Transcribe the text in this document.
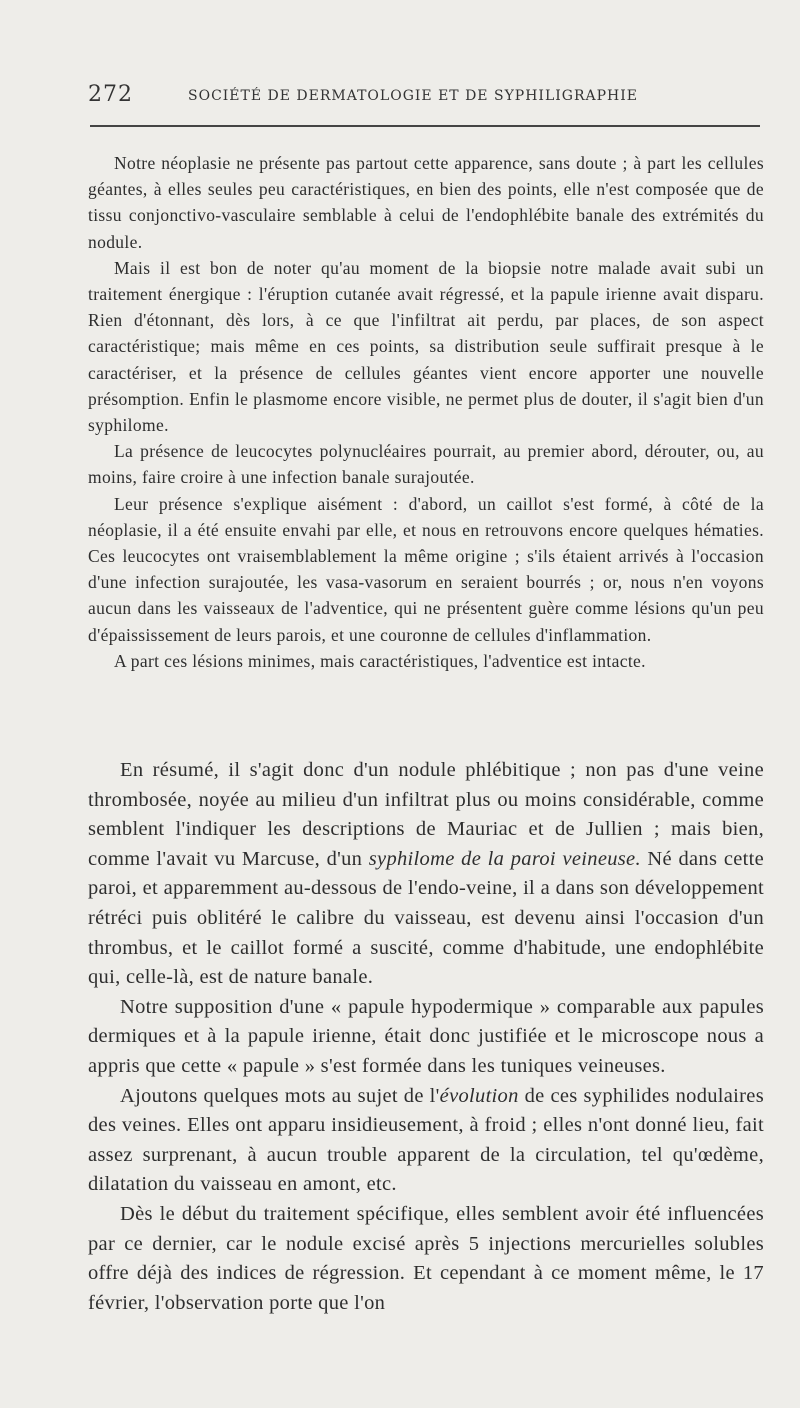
272	SOCIÉTÉ DE DERMATOLOGIE ET DE SYPHILIGRAPHIE

Notre néoplasie ne présente pas partout cette apparence, sans doute ; à part les cellules géantes, à elles seules peu caractéristiques, en bien des points, elle n'est composée que de tissu conjonctivo-vasculaire semblable à celui de l'endophlébite banale des extrémités du nodule.

Mais il est bon de noter qu'au moment de la biopsie notre malade avait subi un traitement énergique : l'éruption cutanée avait régressé, et la papule irienne avait disparu. Rien d'étonnant, dès lors, à ce que l'infiltrat ait perdu, par places, de son aspect caractéristique; mais même en ces points, sa distribution seule suffirait presque à le caractériser, et la présence de cellules géantes vient encore apporter une nouvelle présomption. Enfin le plasmome encore visible, ne permet plus de douter, il s'agit bien d'un syphilome.

La présence de leucocytes polynucléaires pourrait, au premier abord, dérouter, ou, au moins, faire croire à une infection banale surajoutée.

Leur présence s'explique aisément : d'abord, un caillot s'est formé, à côté de la néoplasie, il a été ensuite envahi par elle, et nous en retrouvons encore quelques hématies. Ces leucocytes ont vraisemblablement la même origine ; s'ils étaient arrivés à l'occasion d'une infection surajoutée, les vasa-vasorum en seraient bourrés ; or, nous n'en voyons aucun dans les vaisseaux de l'adventice, qui ne présentent guère comme lésions qu'un peu d'épaississement de leurs parois, et une couronne de cellules d'inflammation.

A part ces lésions minimes, mais caractéristiques, l'adventice est intacte.

En résumé, il s'agit donc d'un nodule phlébitique ; non pas d'une veine thrombosée, noyée au milieu d'un infiltrat plus ou moins considérable, comme semblent l'indiquer les descriptions de Mauriac et de Jullien ; mais bien, comme l'avait vu Marcuse, d'un syphilome de la paroi veineuse. Né dans cette paroi, et apparemment au-dessous de l'endo-veine, il a dans son développement rétréci puis oblitéré le calibre du vaisseau, est devenu ainsi l'occasion d'un thrombus, et le caillot formé a suscité, comme d'habitude, une endophlébite qui, celle-là, est de nature banale.

Notre supposition d'une « papule hypodermique » comparable aux papules dermiques et à la papule irienne, était donc justifiée et le microscope nous a appris que cette « papule » s'est formée dans les tuniques veineuses.

Ajoutons quelques mots au sujet de l'évolution de ces syphilides nodulaires des veines. Elles ont apparu insidieusement, à froid ; elles n'ont donné lieu, fait assez surprenant, à aucun trouble apparent de la circulation, tel qu'œdème, dilatation du vaisseau en amont, etc.

Dès le début du traitement spécifique, elles semblent avoir été influencées par ce dernier, car le nodule excisé après 5 injections mercurielles solubles offre déjà des indices de régression. Et cependant à ce moment même, le 17 février, l'observation porte que l'on
